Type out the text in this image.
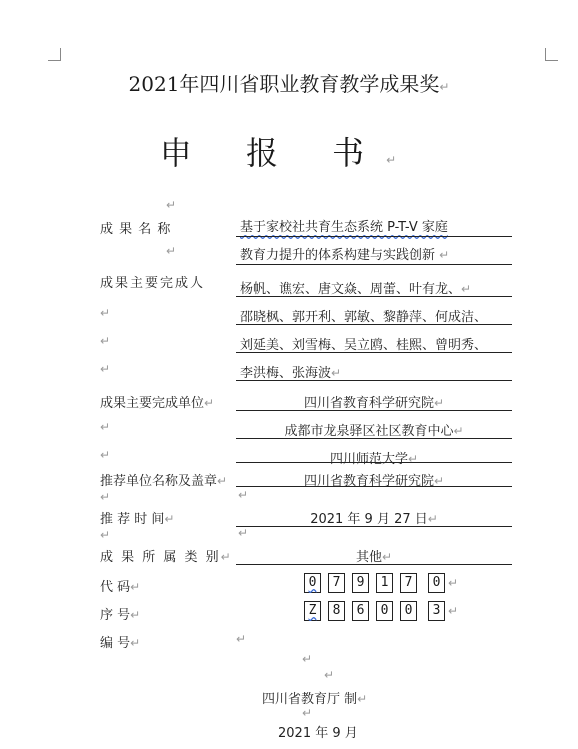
2021年四川省职业教育教学成果奖↵
申 报 书↵
↵
成 果 名 称	基于家校社共育生态系统 P-T-V 家庭
↵	教育力提升的体系构建与实践创新 ↵
成果主要完成人	杨帆、谯宏、唐文焱、周蕾、叶有龙、↵
↵	邵晓枫、郭开利、郭敏、黎静萍、何成洁、
↵	刘延美、刘雪梅、吴立鸥、桂熙、曾明秀、
↵	李洪梅、张海波↵
成果主要完成单位↵	四川省教育科学研究院↵
↵	成都市龙泉驿区社区教育中心↵
↵	四川师范大学↵
推荐单位名称及盖章↵	四川省教育科学研究院↵
↵	↵
推 荐 时 间↵	2021 年 9 月 27 日↵
↵	↵
成 果 所 属 类 别↵	其他↵
代 码↵	0	7	9	1	7	0 ↵
序 号↵	Z	8	6	0	0	3 ↵
编 号↵	↵
↵
↵
四川省教育厅 制↵
↵
2021 年 9 月
